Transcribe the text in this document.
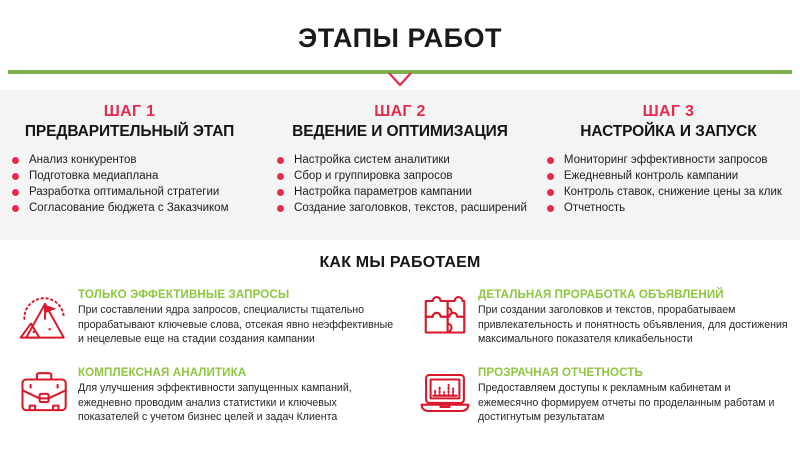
ЭТАПЫ РАБОТ
ШАГ 1
ПРЕДВАРИТЕЛЬНЫЙ ЭТАП
Анализ конкурентов
Подготовка медиаплана
Разработка оптимальной стратегии
Согласование бюджета с Заказчиком
ШАГ 2
ВЕДЕНИЕ И ОПТИМИЗАЦИЯ
Настройка систем аналитики
Сбор и группировка запросов
Настройка параметров кампании
Создание заголовков, текстов, расширений
ШАГ 3
НАСТРОЙКА И ЗАПУСК
Мониторинг эффективности запросов
Ежедневный контроль кампании
Контроль ставок, снижение цены за клик
Отчетность
КАК МЫ РАБОТАЕМ
ТОЛЬКО ЭФФЕКТИВНЫЕ ЗАПРОСЫ
При составлении ядра запросов, специалисты тщательно прорабатывают ключевые слова, отсекая явно неэффективные и нецелевые еще на стадии создания кампании
ДЕТАЛЬНАЯ ПРОРАБОТКА ОБЪЯВЛЕНИЙ
При создании заголовков и текстов, прорабатываем привлекательность и понятность объявления, для достижения максимального показателя кликабельности
КОМПЛЕКСНАЯ АНАЛИТИКА
Для улучшения эффективности запущенных кампаний, ежедневно проводим анализ статистики и ключевых показателей с учетом бизнес целей и задач Клиента
ПРОЗРАЧНАЯ ОТЧЕТНОСТЬ
Предоставляем доступы к рекламным кабинетам и ежемесячно формируем отчеты по проделанным работам и достигнутым результатам
